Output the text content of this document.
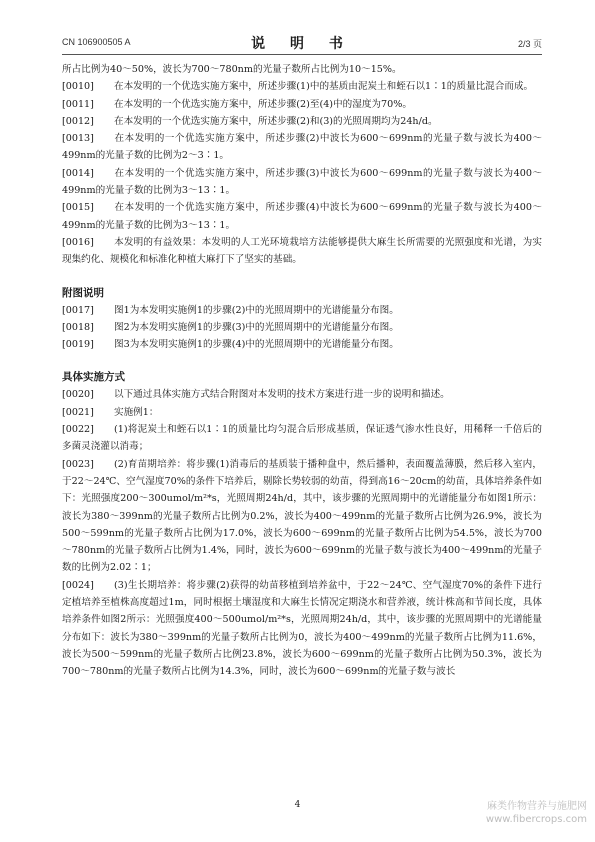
CN 106900505 A	说 明 书	2/3 页
所占比例为40～50%，波长为700～780nm的光量子数所占比例为10～15%。
[0010] 在本发明的一个优选实施方案中，所述步骤(1)中的基质由泥炭土和蛭石以1∶1的质量比混合而成。
[0011] 在本发明的一个优选实施方案中，所述步骤(2)至(4)中的湿度为70%。
[0012] 在本发明的一个优选实施方案中，所述步骤(2)和(3)的光照周期均为24h/d。
[0013] 在本发明的一个优选实施方案中，所述步骤(2)中波长为600～699nm的光量子数与波长为400～499nm的光量子数的比例为2～3∶1。
[0014] 在本发明的一个优选实施方案中，所述步骤(3)中波长为600～699nm的光量子数与波长为400～499nm的光量子数的比例为3～13∶1。
[0015] 在本发明的一个优选实施方案中，所述步骤(4)中波长为600～699nm的光量子数与波长为400～499nm的光量子数的比例为3～13∶1。
[0016] 本发明的有益效果：本发明的人工光环境栽培方法能够提供大麻生长所需要的光照强度和光谱，为实现集约化、规模化和标准化种植大麻打下了坚实的基础。
附图说明
[0017] 图1为本发明实施例1的步骤(2)中的光照周期中的光谱能量分布图。
[0018] 图2为本发明实施例1的步骤(3)中的光照周期中的光谱能量分布图。
[0019] 图3为本发明实施例1的步骤(4)中的光照周期中的光谱能量分布图。
具体实施方式
[0020] 以下通过具体实施方式结合附图对本发明的技术方案进行进一步的说明和描述。
[0021] 实施例1：
[0022] (1)将泥炭土和蛭石以1∶1的质量比均匀混合后形成基质，保证透气渗水性良好，用稀释一千倍后的多菌灵浇灌以消毒；
[0023] (2)育苗期培养：将步骤(1)消毒后的基质装于播种盘中，然后播种，表面覆盖薄膜，然后移入室内，于22～24℃、空气湿度70%的条件下培养后，剔除长势较弱的幼苗，得到高16～20cm的幼苗，具体培养条件如下：光照强度200～300umol/m²*s，光照周期24h/d，其中，该步骤的光照周期中的光谱能量分布如图1所示：波长为380～399nm的光量子数所占比例为0.2%，波长为400～499nm的光量子数所占比例为26.9%，波长为500～599nm的光量子数所占比例为17.0%，波长为600～699nm的光量子数所占比例为54.5%，波长为700～780nm的光量子数所占比例为1.4%，同时，波长为600～699nm的光量子数与波长为400～499nm的光量子数的比例为2.02∶1；
[0024] (3)生长期培养：将步骤(2)获得的幼苗移植到培养盆中，于22～24℃、空气湿度70%的条件下进行定植培养至植株高度超过1m，同时根据土壤湿度和大麻生长情况定期浇水和营养液，统计株高和节间长度，具体培养条件如图2所示：光照强度400～500umol/m²*s，光照周期24h/d，其中，该步骤的光照周期中的光谱能量分布如下：波长为380～399nm的光量子数所占比例为0，波长为400～499nm的光量子数所占比例为11.6%，波长为500～599nm的光量子数所占比例23.8%，波长为600～699nm的光量子数所占比例为50.3%，波长为700～780nm的光量子数所占比例为14.3%，同时，波长为600～699nm的光量子数与波长
4	麻类作物营养与施肥网
www.fibercrops.com
